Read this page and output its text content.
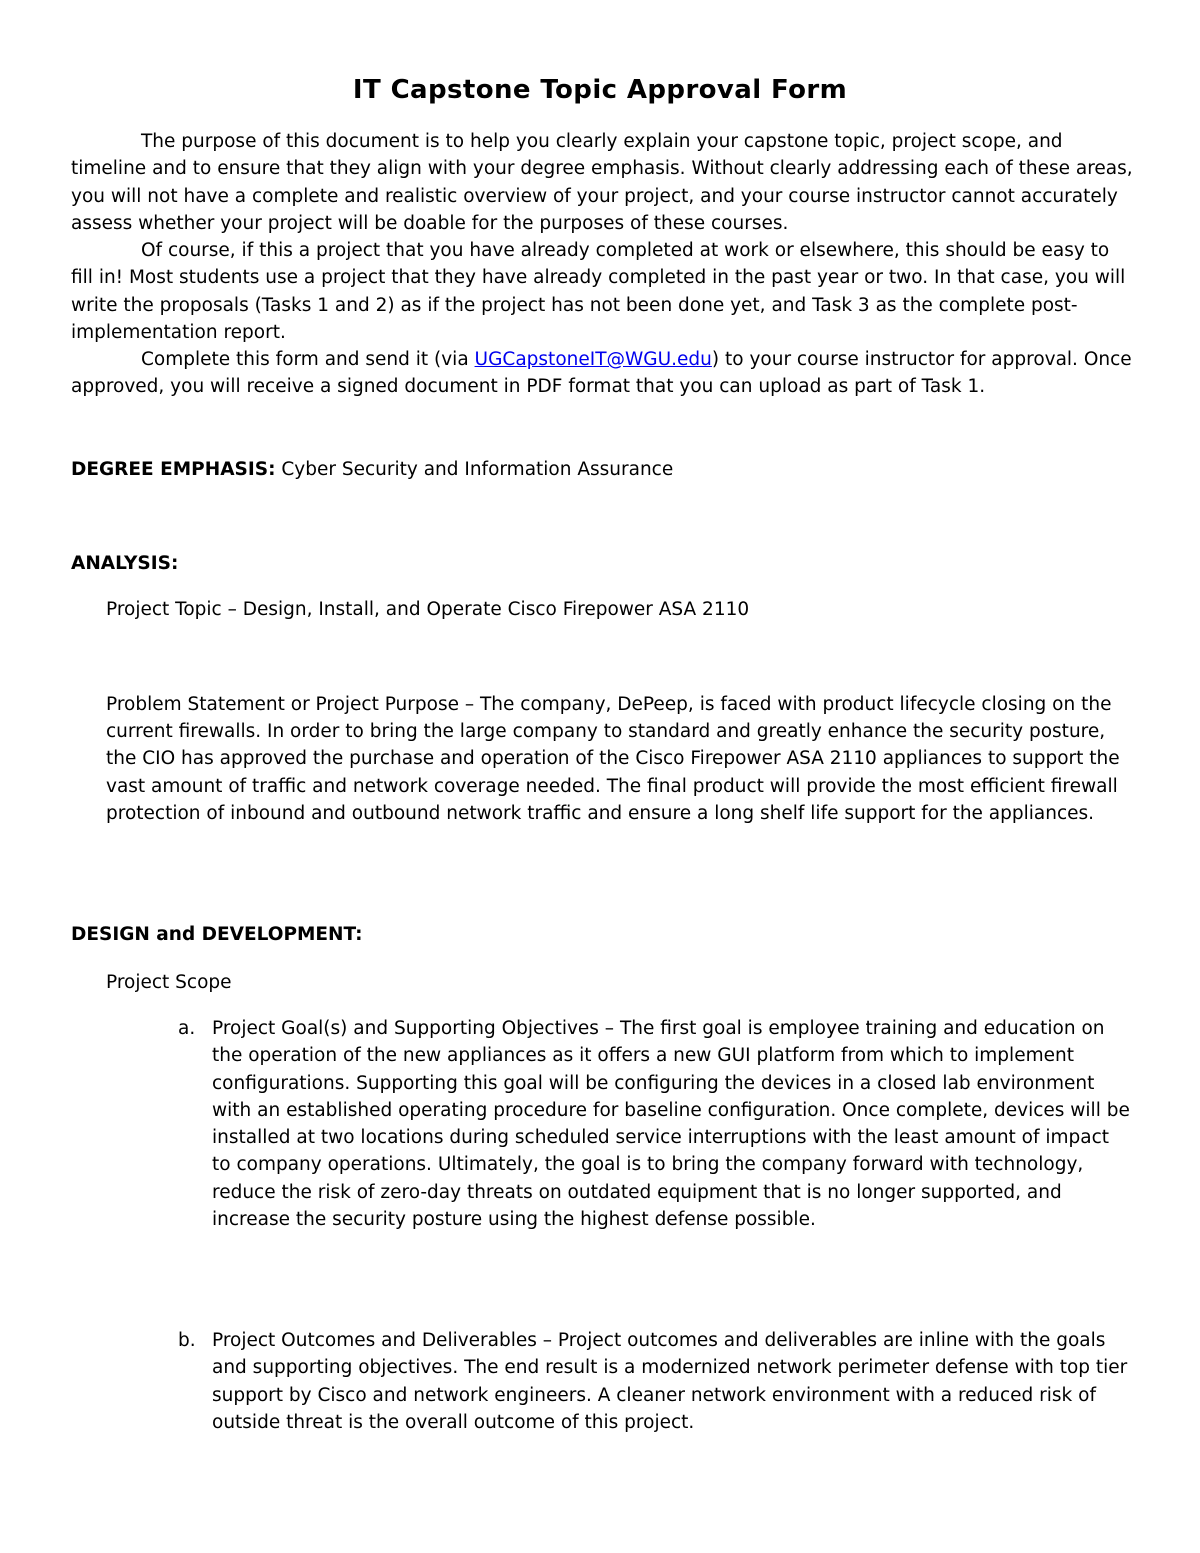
IT Capstone Topic Approval Form

The purpose of this document is to help you clearly explain your capstone topic, project scope, and timeline and to ensure that they align with your degree emphasis. Without clearly addressing each of these areas, you will not have a complete and realistic overview of your project, and your course instructor cannot accurately assess whether your project will be doable for the purposes of these courses.

Of course, if this a project that you have already completed at work or elsewhere, this should be easy to fill in! Most students use a project that they have already completed in the past year or two. In that case, you will write the proposals (Tasks 1 and 2) as if the project has not been done yet, and Task 3 as the complete post-implementation report.

Complete this form and send it (via UGCapstoneIT@WGU.edu) to your course instructor for approval. Once approved, you will receive a signed document in PDF format that you can upload as part of Task 1.

DEGREE EMPHASIS: Cyber Security and Information Assurance

ANALYSIS:

Project Topic – Design, Install, and Operate Cisco Firepower ASA 2110

Problem Statement or Project Purpose – The company, DePeep, is faced with product lifecycle closing on the current firewalls. In order to bring the large company to standard and greatly enhance the security posture, the CIO has approved the purchase and operation of the Cisco Firepower ASA 2110 appliances to support the vast amount of traffic and network coverage needed. The final product will provide the most efficient firewall protection of inbound and outbound network traffic and ensure a long shelf life support for the appliances.

DESIGN and DEVELOPMENT:

Project Scope

a. Project Goal(s) and Supporting Objectives – The first goal is employee training and education on the operation of the new appliances as it offers a new GUI platform from which to implement configurations. Supporting this goal will be configuring the devices in a closed lab environment with an established operating procedure for baseline configuration. Once complete, devices will be installed at two locations during scheduled service interruptions with the least amount of impact to company operations. Ultimately, the goal is to bring the company forward with technology, reduce the risk of zero-day threats on outdated equipment that is no longer supported, and increase the security posture using the highest defense possible.
b. Project Outcomes and Deliverables – Project outcomes and deliverables are inline with the goals and supporting objectives. The end result is a modernized network perimeter defense with top tier support by Cisco and network engineers. A cleaner network environment with a reduced risk of outside threat is the overall outcome of this project.
